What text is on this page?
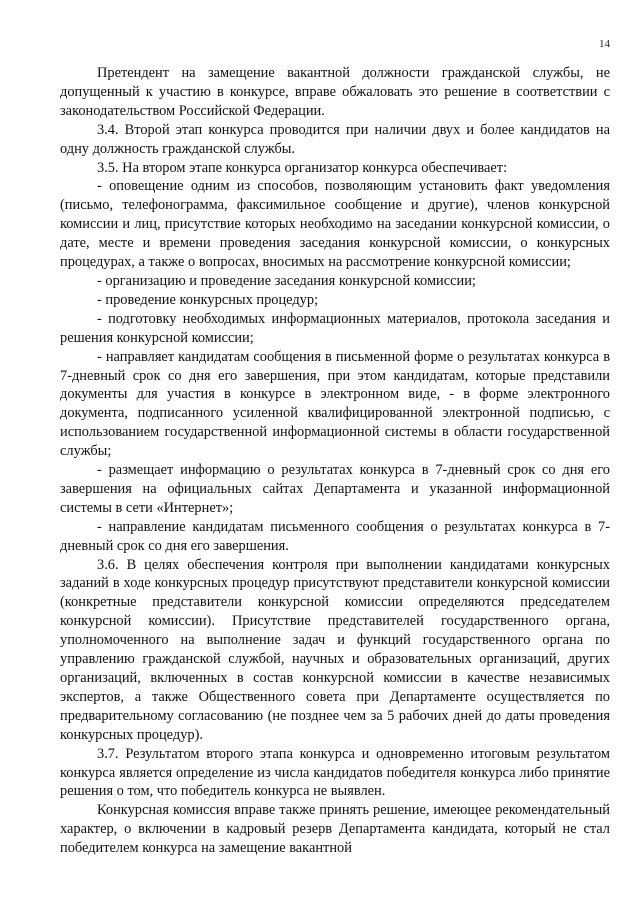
14

Претендент на замещение вакантной должности гражданской службы, не допущенный к участию в конкурсе, вправе обжаловать это решение в соответствии с законодательством Российской Федерации.

3.4. Второй этап конкурса проводится при наличии двух и более кандидатов на одну должность гражданской службы.

3.5. На втором этапе конкурса организатор конкурса обеспечивает:

- оповещение одним из способов, позволяющим установить факт уведомления (письмо, телефонограмма, факсимильное сообщение и другие), членов конкурсной комиссии и лиц, присутствие которых необходимо на заседании конкурсной комиссии, о дате, месте и времени проведения заседания конкурсной комиссии, о конкурсных процедурах, а также о вопросах, вносимых на рассмотрение конкурсной комиссии;

- организацию и проведение заседания конкурсной комиссии;

- проведение конкурсных процедур;

- подготовку необходимых информационных материалов, протокола заседания и решения конкурсной комиссии;

- направляет кандидатам сообщения в письменной форме о результатах конкурса в 7-дневный срок со дня его завершения, при этом кандидатам, которые представили документы для участия в конкурсе в электронном виде, - в форме электронного документа, подписанного усиленной квалифицированной электронной подписью, с использованием государственной информационной системы в области государственной службы;

- размещает информацию о результатах конкурса в 7-дневный срок со дня его завершения на официальных сайтах Департамента и указанной информационной системы в сети «Интернет»;

- направление кандидатам письменного сообщения о результатах конкурса в 7-дневный срок со дня его завершения.

3.6. В целях обеспечения контроля при выполнении кандидатами конкурсных заданий в ходе конкурсных процедур присутствуют представители конкурсной комиссии (конкретные представители конкурсной комиссии определяются председателем конкурсной комиссии). Присутствие представителей государственного органа, уполномоченного на выполнение задач и функций государственного органа по управлению гражданской службой, научных и образовательных организаций, других организаций, включенных в состав конкурсной комиссии в качестве независимых экспертов, а также Общественного совета при Департаменте осуществляется по предварительному согласованию (не позднее чем за 5 рабочих дней до даты проведения конкурсных процедур).

3.7. Результатом второго этапа конкурса и одновременно итоговым результатом конкурса является определение из числа кандидатов победителя конкурса либо принятие решения о том, что победитель конкурса не выявлен.

Конкурсная комиссия вправе также принять решение, имеющее рекомендательный характер, о включении в кадровый резерв Департамента кандидата, который не стал победителем конкурса на замещение вакантной
